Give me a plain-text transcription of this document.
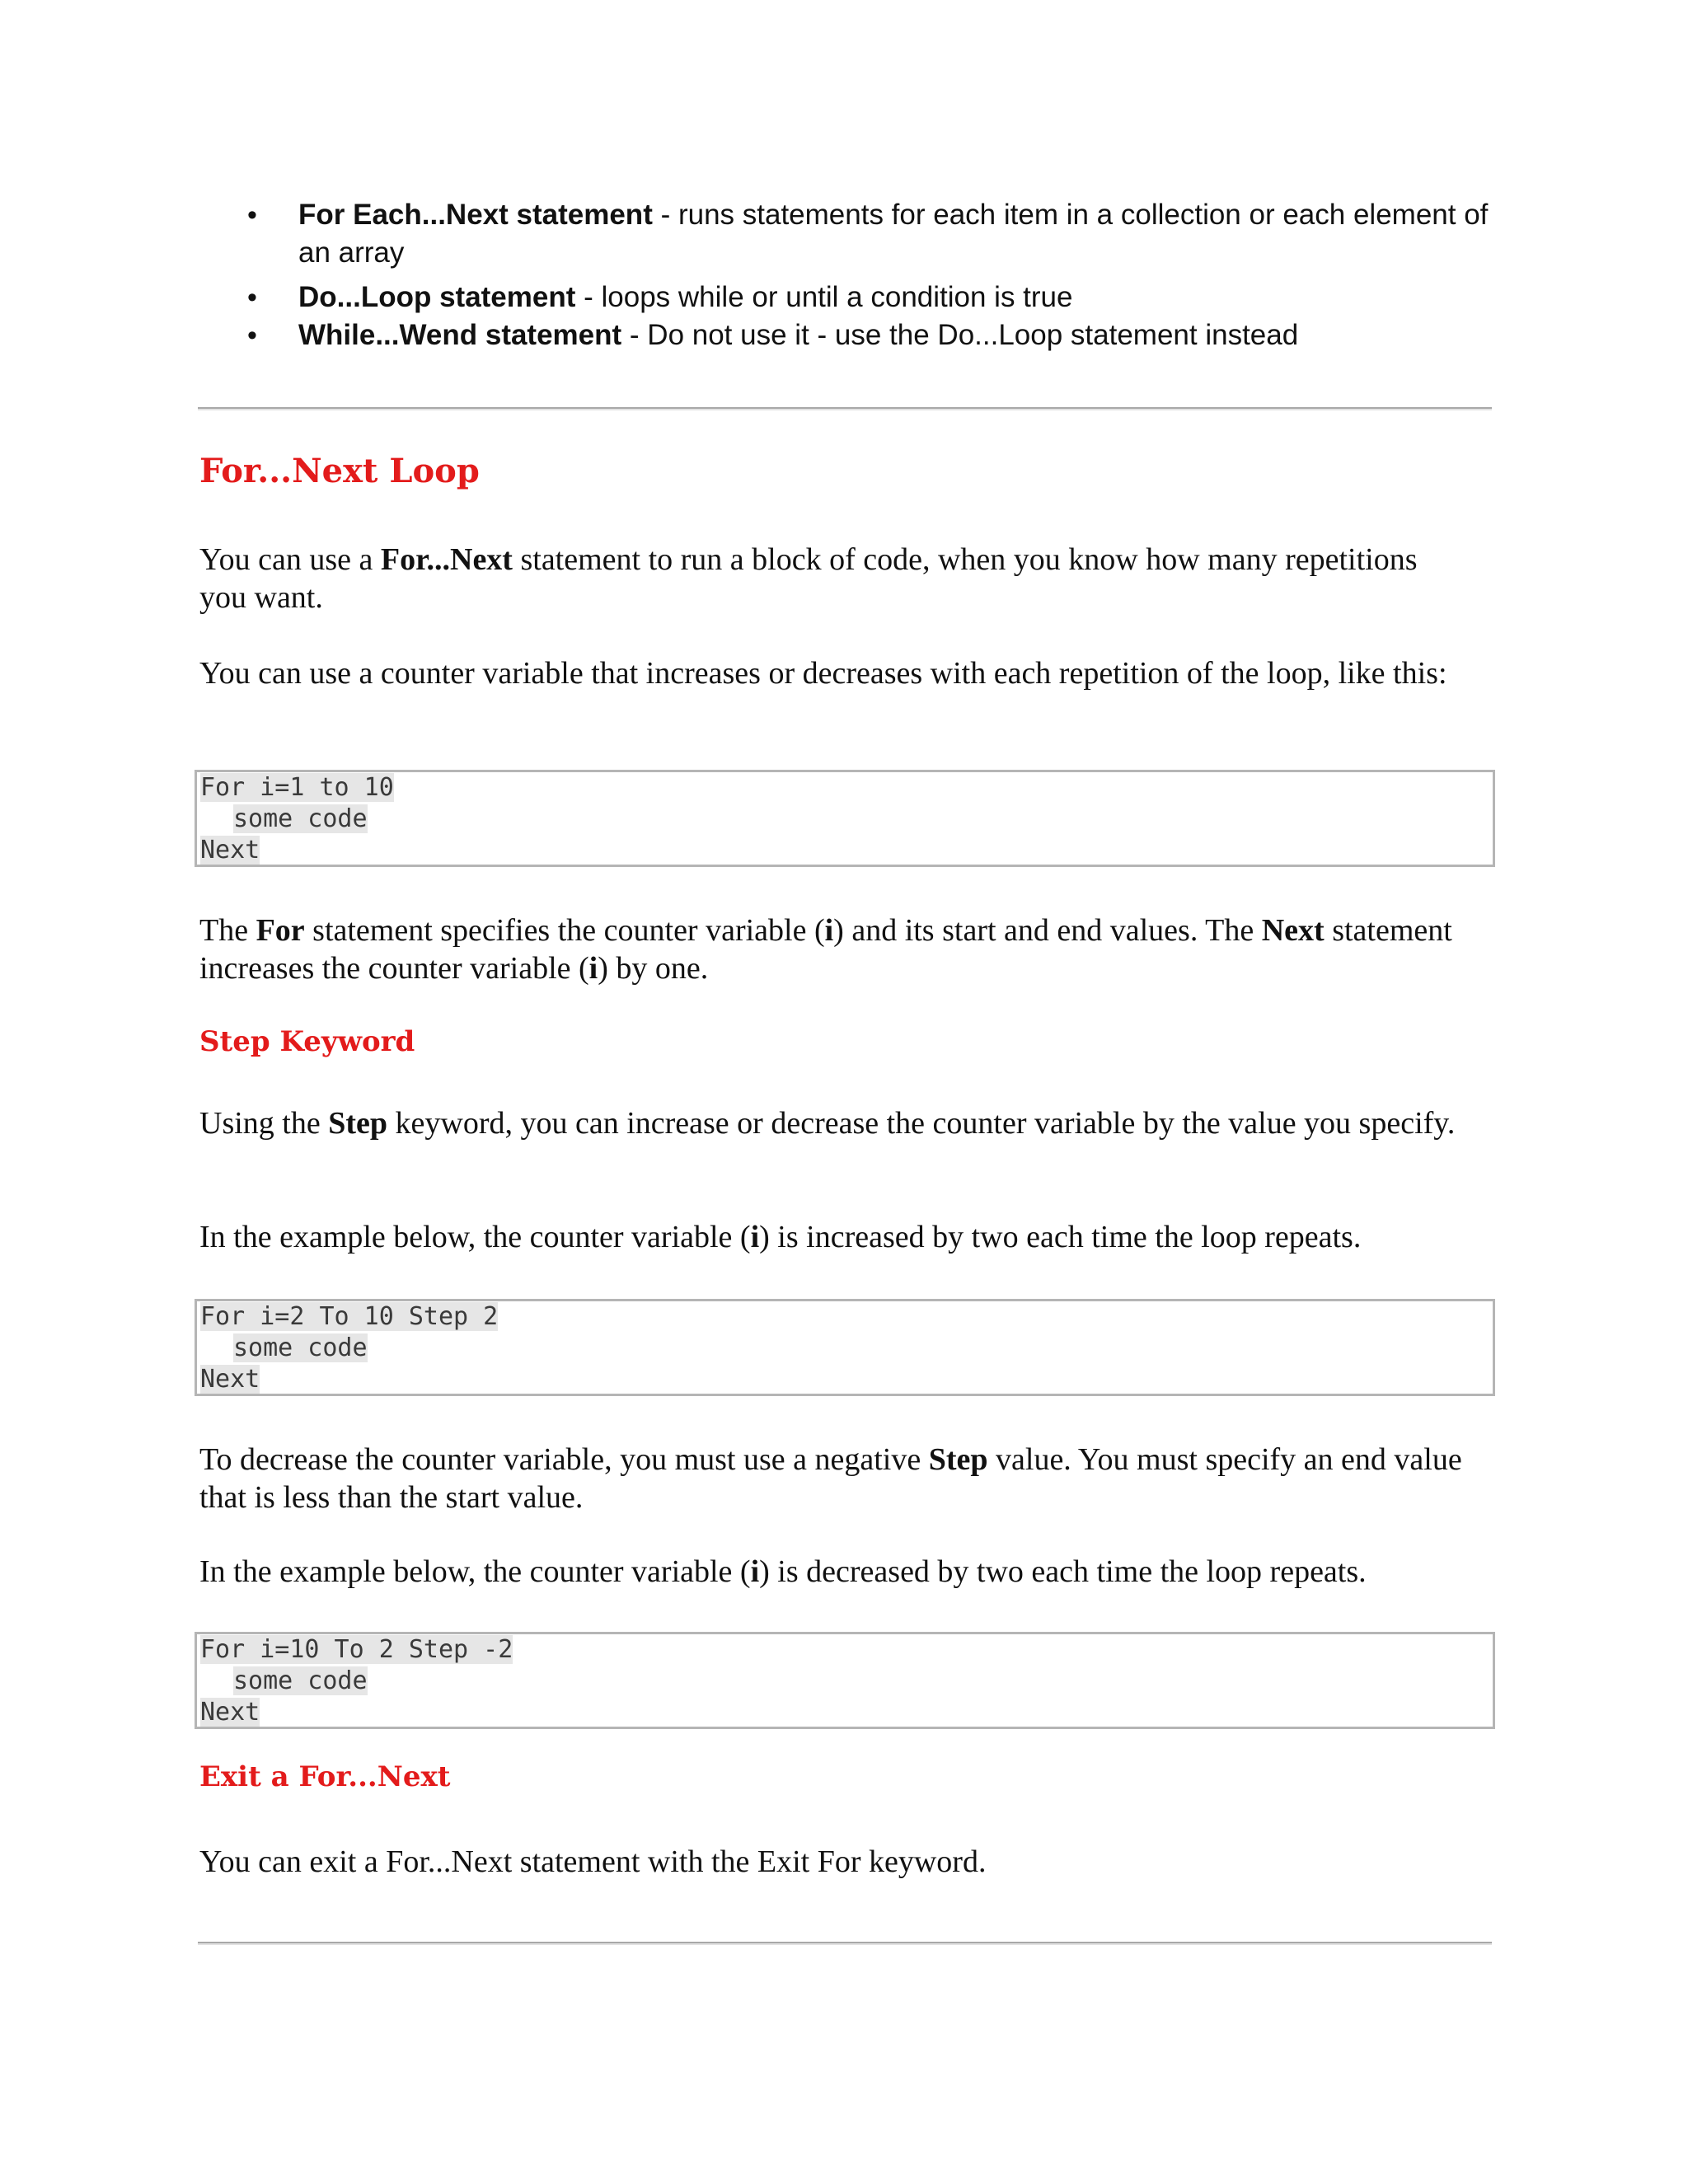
• For Each...Next statement - runs statements for each item in a collection or each element of an array
• Do...Loop statement - loops while or until a condition is true
• While...Wend statement - Do not use it - use the Do...Loop statement instead
For...Next Loop

You can use a For...Next statement to run a block of code, when you know how many repetitions you want.

You can use a counter variable that increases or decreases with each repetition of the loop, like this:

For i=1 to 10
some code
Next

The For statement specifies the counter variable (i) and its start and end values. The Next statement increases the counter variable (i) by one.

Step Keyword

Using the Step keyword, you can increase or decrease the counter variable by the value you specify.

In the example below, the counter variable (i) is increased by two each time the loop repeats.

For i=2 To 10 Step 2
some code
Next

To decrease the counter variable, you must use a negative Step value. You must specify an end value that is less than the start value.

In the example below, the counter variable (i) is decreased by two each time the loop repeats.

For i=10 To 2 Step -2
some code
Next
Exit a For...Next

You can exit a For...Next statement with the Exit For keyword.
